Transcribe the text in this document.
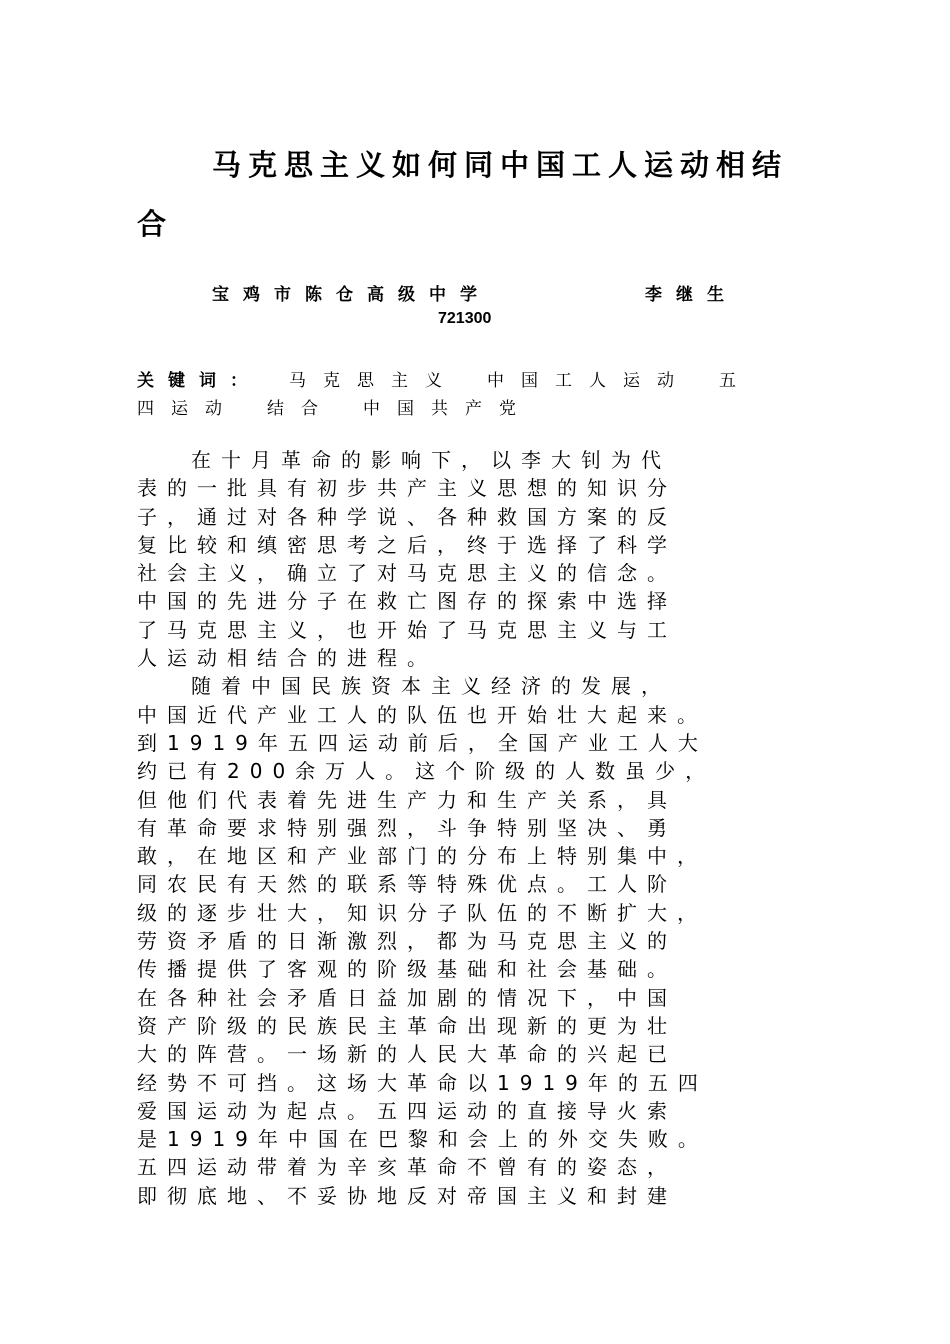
马克思主义如何同中国工人运动相结
合
宝鸡市陈仓高级中学	李继生
721300
关键词： 马克思主义 中国工人运动 五
四运动 结合 中国共产党
在十月革命的影响下，以李大钊为代
表的一批具有初步共产主义思想的知识分
子，通过对各种学说、各种救国方案的反
复比较和缜密思考之后，终于选择了科学
社会主义，确立了对马克思主义的信念。
中国的先进分子在救亡图存的探索中选择
了马克思主义，也开始了马克思主义与工
人运动相结合的进程。
随着中国民族资本主义经济的发展，
中国近代产业工人的队伍也开始壮大起来。
到1919年五四运动前后，全国产业工人大
约已有200余万人。这个阶级的人数虽少，
但他们代表着先进生产力和生产关系，具
有革命要求特别强烈，斗争特别坚决、勇
敢，在地区和产业部门的分布上特别集中，
同农民有天然的联系等特殊优点。工人阶
级的逐步壮大，知识分子队伍的不断扩大，
劳资矛盾的日渐激烈，都为马克思主义的
传播提供了客观的阶级基础和社会基础。
在各种社会矛盾日益加剧的情况下，中国
资产阶级的民族民主革命出现新的更为壮
大的阵营。一场新的人民大革命的兴起已
经势不可挡。这场大革命以1919年的五四
爱国运动为起点。五四运动的直接导火索
是1919年中国在巴黎和会上的外交失败。
五四运动带着为辛亥革命不曾有的姿态，
即彻底地、不妥协地反对帝国主义和封建
